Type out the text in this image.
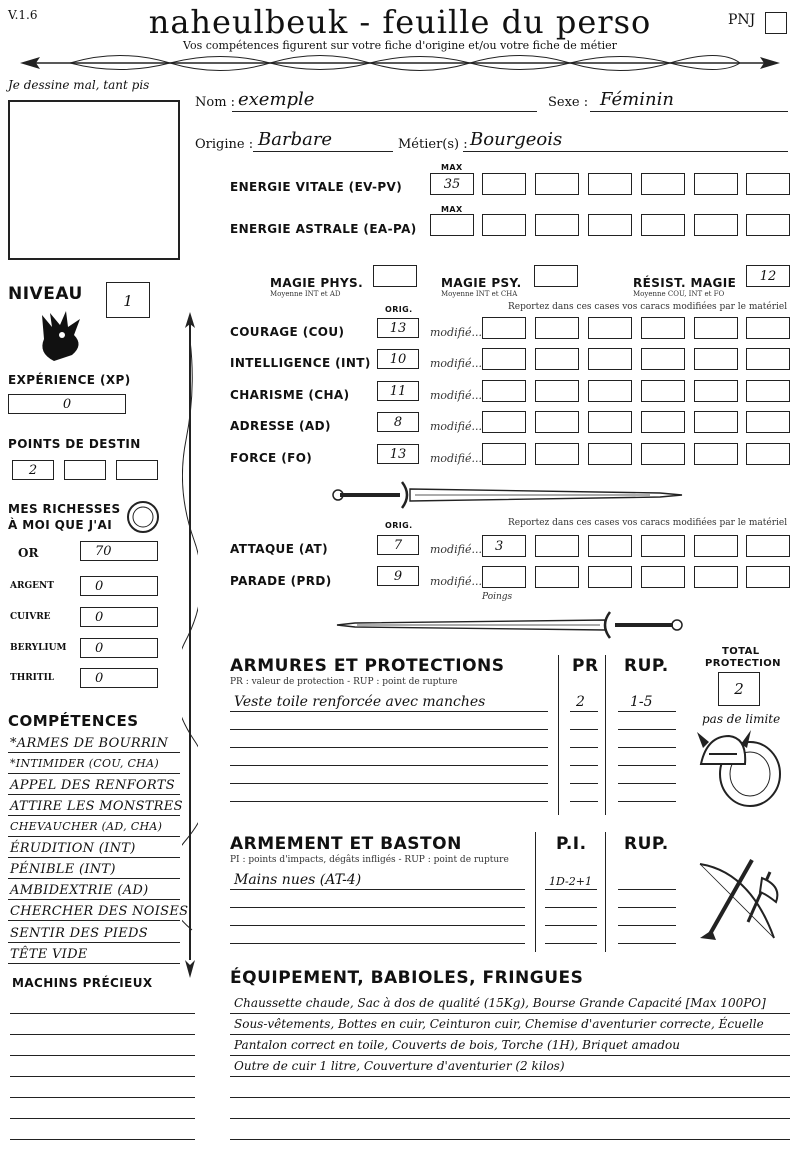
V.1.6	naheulbeuk - feuille du perso
Vos compétences figurent sur votre fiche d'origine et/ou votre fiche de métier
PNJ
Je dessine mal, tant pis
Nom : exemple	Sexe : Féminin
Origine : Barbare	Métier(s) : Bourgeois
MAX
ENERGIE VITALE (EV-PV)	35
MAX
ENERGIE ASTRALE (EA-PA)
MAGIE PHYS.
Moyenne INT et AD
MAGIE PSY.
Moyenne INT et CHA
RÉSIST. MAGIE
Moyenne COU, INT et FO
12
ORIG.	Reportez dans ces cases vos caracs modifiées par le matériel
COURAGE (COU)	13	modifié...
INTELLIGENCE (INT)	10	modifié...
CHARISME (CHA)	11	modifié...
ADRESSE (AD)	8	modifié...
FORCE (FO)	13	modifié...
ORIG.	Reportez dans ces cases vos caracs modifiées par le matériel
ATTAQUE (AT)	7	modifié...	3
PARADE (PRD)	9	modifié...
Poings
NIVEAU	1
EXPÉRIENCE (XP)
0
POINTS DE DESTIN
2
MES RICHESSES
À MOI QUE J'AI
OR	70
ARGENT	0
CUIVRE	0
BERYLIUM	0
THRITIL	0
COMPÉTENCES
*ARMES DE BOURRIN
*INTIMIDER (COU, CHA)
APPEL DES RENFORTS
ATTIRE LES MONSTRES
CHEVAUCHER (AD, CHA)
ÉRUDITION (INT)
PÉNIBLE (INT)
AMBIDEXTRIE (AD)
CHERCHER DES NOISES
SENTIR DES PIEDS
TÊTE VIDE
MACHINS PRÉCIEUX
ARMURES ET PROTECTIONS
PR : valeur de protection - RUP : point de rupture
PR RUP.
Veste toile renforcée avec manches	2	1-5
TOTAL
PROTECTION
2
pas de limite
ARMEMENT ET BASTON
PI : points d'impacts, dégâts infligés - RUP : point de rupture
P.I. RUP.
Mains nues (AT-4)	1D-2+1
ÉQUIPEMENT, BABIOLES, FRINGUES
Chaussette chaude, Sac à dos de qualité (15Kg), Bourse Grande Capacité [Max 100PO]
Sous-vêtements, Bottes en cuir, Ceinturon cuir, Chemise d'aventurier correcte, Écuelle
Pantalon correct en toile, Couverts de bois, Torche (1H), Briquet amadou
Outre de cuir 1 litre, Couverture d'aventurier (2 kilos)
